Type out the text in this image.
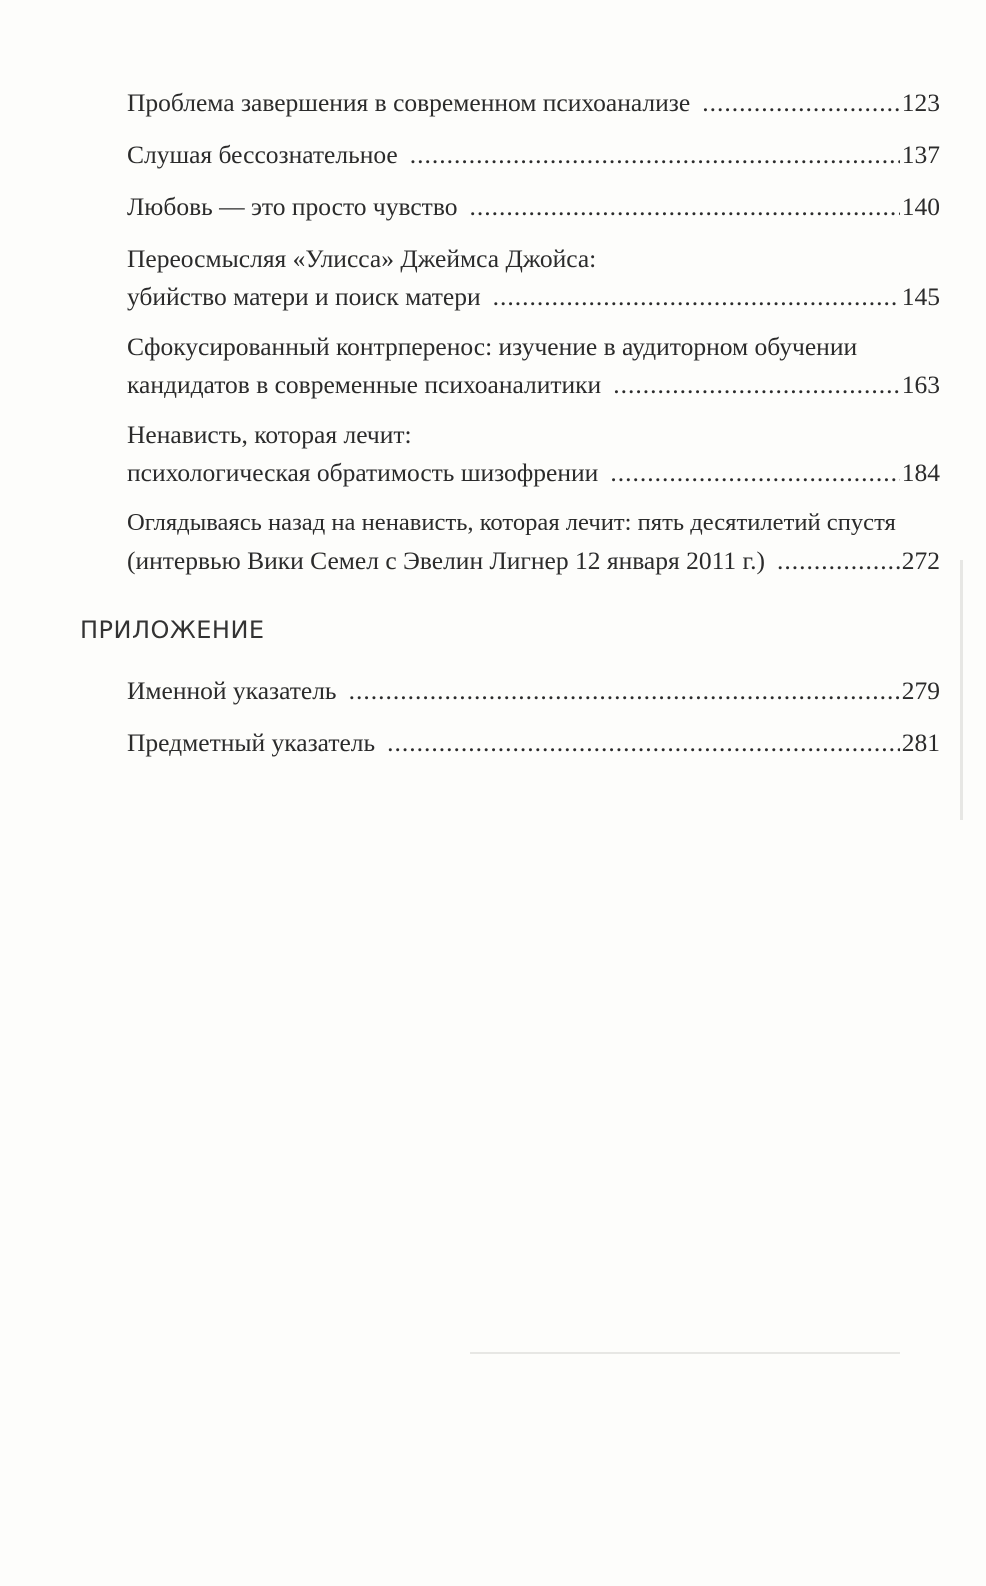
Проблема завершения в современном психоанализе .....	123
Слушая бессознательное .....	137
Любовь — это просто чувство .....	140
Переосмысляя «Улисса» Джеймса Джойса:
убийство матери и поиск матери .....	145
Сфокусированный контрперенос: изучение в аудиторном обучении
кандидатов в современные психоаналитики .....	163
Ненависть, которая лечит:
психологическая обратимость шизофрении .....	184
Оглядываясь назад на ненависть, которая лечит: пять десятилетий спустя
(интервью Вики Семел с Эвелин Лигнер 12 января 2011 г.) .....	272
ПРИЛОЖЕНИЕ
Именной указатель .....	279
Предметный указатель .....	281
